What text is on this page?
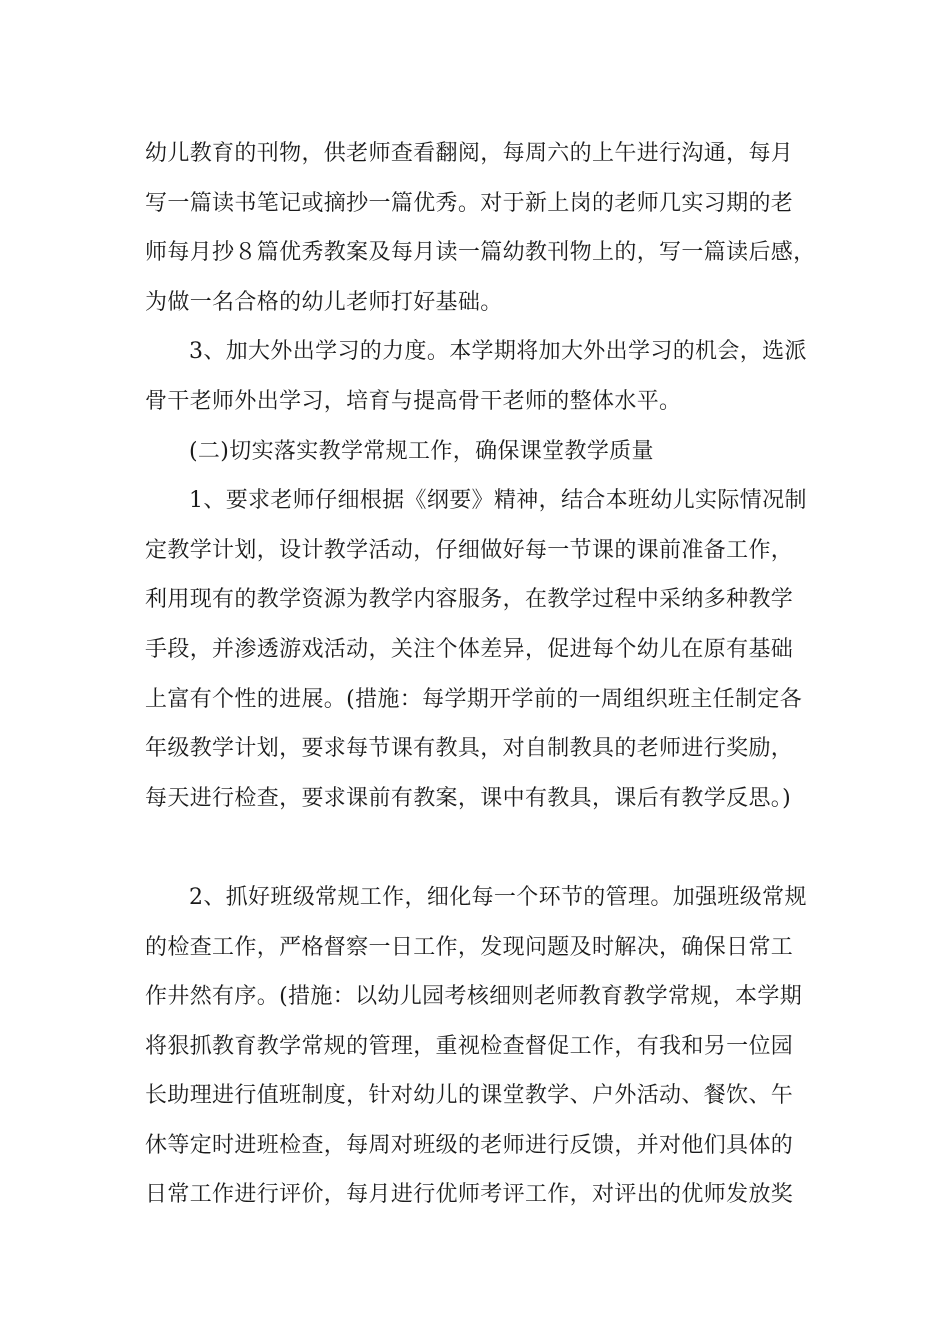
幼儿教育的刊物，供老师查看翻阅，每周六的上午进行沟通，每月
写一篇读书笔记或摘抄一篇优秀。对于新上岗的老师几实习期的老
师每月抄８篇优秀教案及每月读一篇幼教刊物上的，写一篇读后感，
为做一名合格的幼儿老师打好基础。
3、加大外出学习的力度。本学期将加大外出学习的机会，选派
骨干老师外出学习，培育与提高骨干老师的整体水平。
(二)切实落实教学常规工作，确保课堂教学质量
1、要求老师仔细根据《纲要》精神，结合本班幼儿实际情况制
定教学计划，设计教学活动，仔细做好每一节课的课前准备工作，
利用现有的教学资源为教学内容服务，在教学过程中采纳多种教学
手段，并渗透游戏活动，关注个体差异，促进每个幼儿在原有基础
上富有个性的进展。(措施：每学期开学前的一周组织班主任制定各
年级教学计划，要求每节课有教具，对自制教具的老师进行奖励，
每天进行检查，要求课前有教案，课中有教具，课后有教学反思。)
2、抓好班级常规工作，细化每一个环节的管理。加强班级常规
的检查工作，严格督察一日工作，发现问题及时解决，确保日常工
作井然有序。(措施：以幼儿园考核细则老师教育教学常规，本学期
将狠抓教育教学常规的管理，重视检查督促工作，有我和另一位园
长助理进行值班制度，针对幼儿的课堂教学、户外活动、餐饮、午
休等定时进班检查，每周对班级的老师进行反馈，并对他们具体的
日常工作进行评价，每月进行优师考评工作，对评出的优师发放奖
